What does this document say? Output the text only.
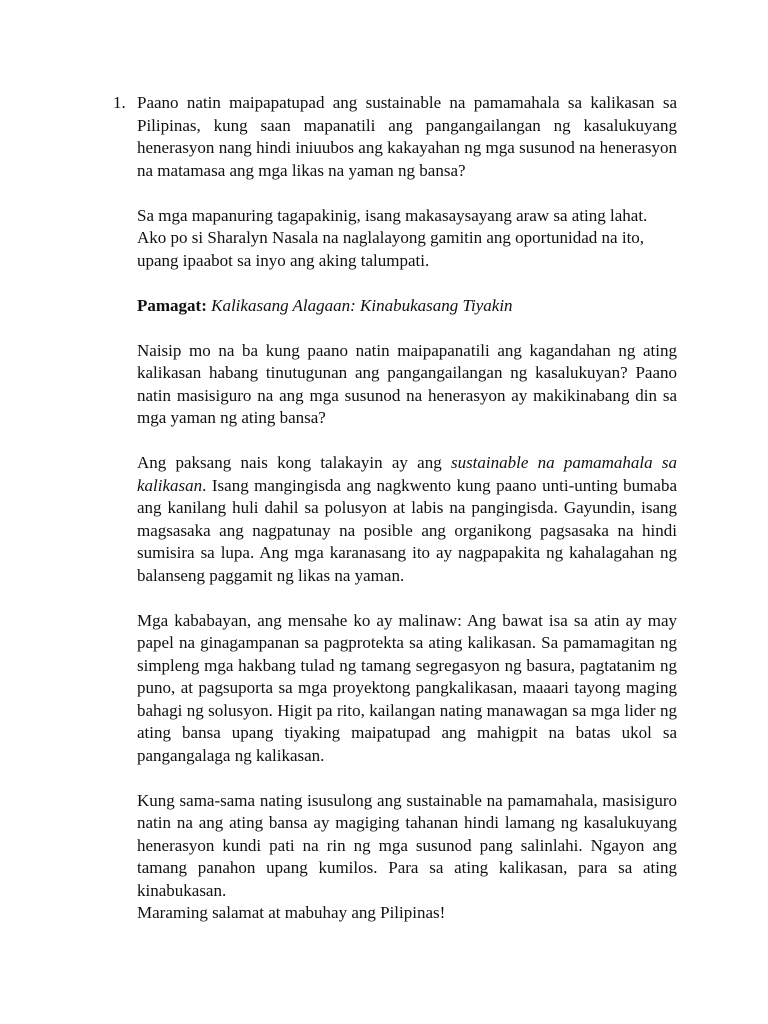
1. Paano natin maipapatupad ang sustainable na pamamahala sa kalikasan sa Pilipinas, kung saan mapanatili ang pangangailangan ng kasalukuyang henerasyon nang hindi iniuubos ang kakayahan ng mga susunod na henerasyon na matamasa ang mga likas na yaman ng bansa?

Sa mga mapanuring tagapakinig, isang makasaysayang araw sa ating lahat. Ako po si Sharalyn Nasala na naglalayong gamitin ang oportunidad na ito, upang ipaabot sa inyo ang aking talumpati.

Pamagat: Kalikasang Alagaan: Kinabukasang Tiyakin

Naisip mo na ba kung paano natin maipapanatili ang kagandahan ng ating kalikasan habang tinutugunan ang pangangailangan ng kasalukuyan? Paano natin masisiguro na ang mga susunod na henerasyon ay makikinabang din sa mga yaman ng ating bansa?

Ang paksang nais kong talakayin ay ang sustainable na pamamahala sa kalikasan. Isang mangingisda ang nagkwento kung paano unti-unting bumaba ang kanilang huli dahil sa polusyon at labis na pangingisda. Gayundin, isang magsasaka ang nagpatunay na posible ang organikong pagsasaka na hindi sumisira sa lupa. Ang mga karanasang ito ay nagpapakita ng kahalagahan ng balanseng paggamit ng likas na yaman.

Mga kababayan, ang mensahe ko ay malinaw: Ang bawat isa sa atin ay may papel na ginagampanan sa pagprotekta sa ating kalikasan. Sa pamamagitan ng simpleng mga hakbang tulad ng tamang segregasyon ng basura, pagtatanim ng puno, at pagsuporta sa mga proyektong pangkalikasan, maaari tayong maging bahagi ng solusyon. Higit pa rito, kailangan nating manawagan sa mga lider ng ating bansa upang tiyaking maipatupad ang mahigpit na batas ukol sa pangangalaga ng kalikasan.

Kung sama-sama nating isusulong ang sustainable na pamamahala, masisiguro natin na ang ating bansa ay magiging tahanan hindi lamang ng kasalukuyang henerasyon kundi pati na rin ng mga susunod pang salinlahi. Ngayon ang tamang panahon upang kumilos. Para sa ating kalikasan, para sa ating kinabukasan.

Maraming salamat at mabuhay ang Pilipinas!
